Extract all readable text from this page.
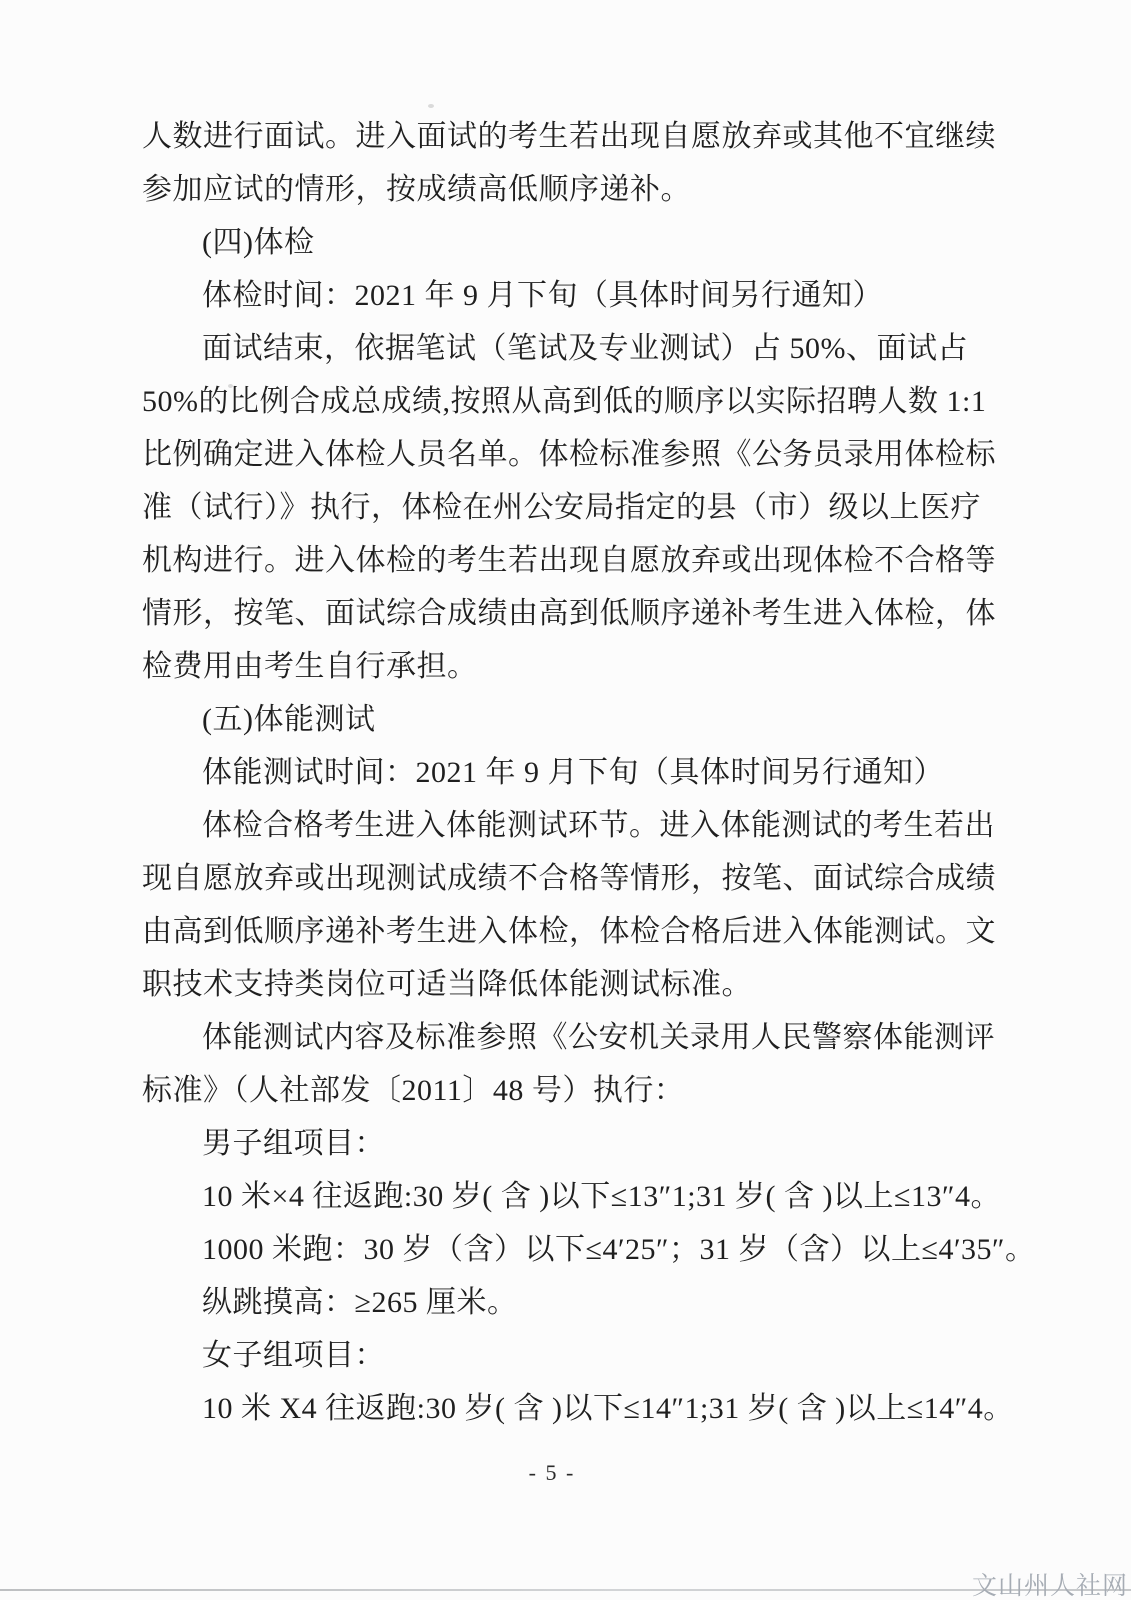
人数进行面试。进入面试的考生若出现自愿放弃或其他不宜继续
参加应试的情形，按成绩高低顺序递补。
(四)体检
体检时间：2021 年 9 月下旬（具体时间另行通知）
面试结束，依据笔试（笔试及专业测试）占 50%、面试占
50%的比例合成总成绩,按照从高到低的顺序以实际招聘人数 1:1
比例确定进入体检人员名单。体检标准参照《公务员录用体检标
准（试行）》执行，体检在州公安局指定的县（市）级以上医疗
机构进行。进入体检的考生若出现自愿放弃或出现体检不合格等
情形，按笔、面试综合成绩由高到低顺序递补考生进入体检，体
检费用由考生自行承担。
(五)体能测试
体能测试时间：2021 年 9 月下旬（具体时间另行通知）
体检合格考生进入体能测试环节。进入体能测试的考生若出
现自愿放弃或出现测试成绩不合格等情形，按笔、面试综合成绩
由高到低顺序递补考生进入体检，体检合格后进入体能测试。文
职技术支持类岗位可适当降低体能测试标准。
体能测试内容及标准参照《公安机关录用人民警察体能测评
标准》（人社部发〔2011〕48 号）执行：
男子组项目：
10 米×4 往返跑:30 岁( 含 )以下≤13″1;31 岁( 含 )以上≤13″4。
1000 米跑：30 岁（含）以下≤4′25″；31 岁（含）以上≤4′35″。
纵跳摸高：≥265 厘米。
女子组项目：
10 米 X4 往返跑:30 岁( 含 )以下≤14″1;31 岁( 含 )以上≤14″4。
- 5 -
文山州人社网
